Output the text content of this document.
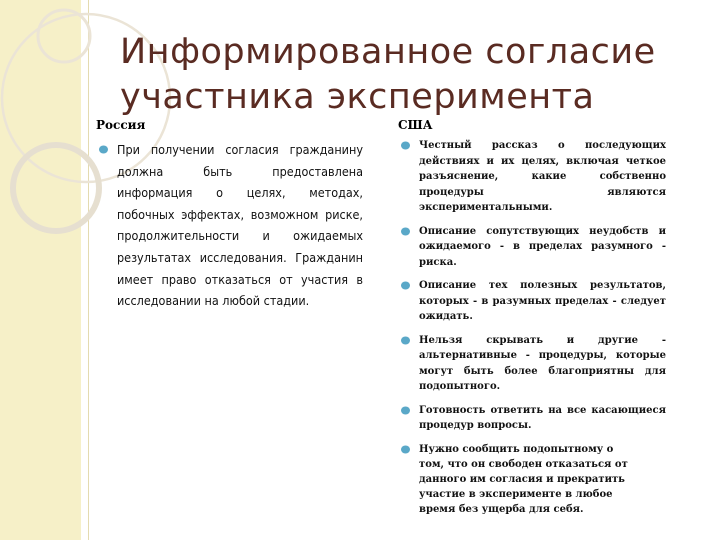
Информированное согласие участника эксперимента
Россия
При получении согласия гражданину должна быть предоставлена информация о целях, методах, побочных эффектах, возможном риске, продолжительности и ожидаемых результатах исследования. Гражданин имеет право отказаться от участия в исследовании на любой стадии.
США
Честный рассказ о последующих действиях и их целях, включая четкое разъяснение, какие собственно процедуры являются экспериментальными.
Описание сопутствующих неудобств и ожидаемого - в пределах разумного - риска.
Описание тех полезных результатов, которых - в разумных пределах - следует ожидать.
Нельзя скрывать и другие - альтернативные - процедуры, которые могут быть более благоприятны для подопытного.
Готовность ответить на все касающиеся процедур вопросы.
Нужно сообщить подопытному о том, что он свободен отказаться от данного им согласия и прекратить участие в эксперименте в любое время без ущерба для себя.
